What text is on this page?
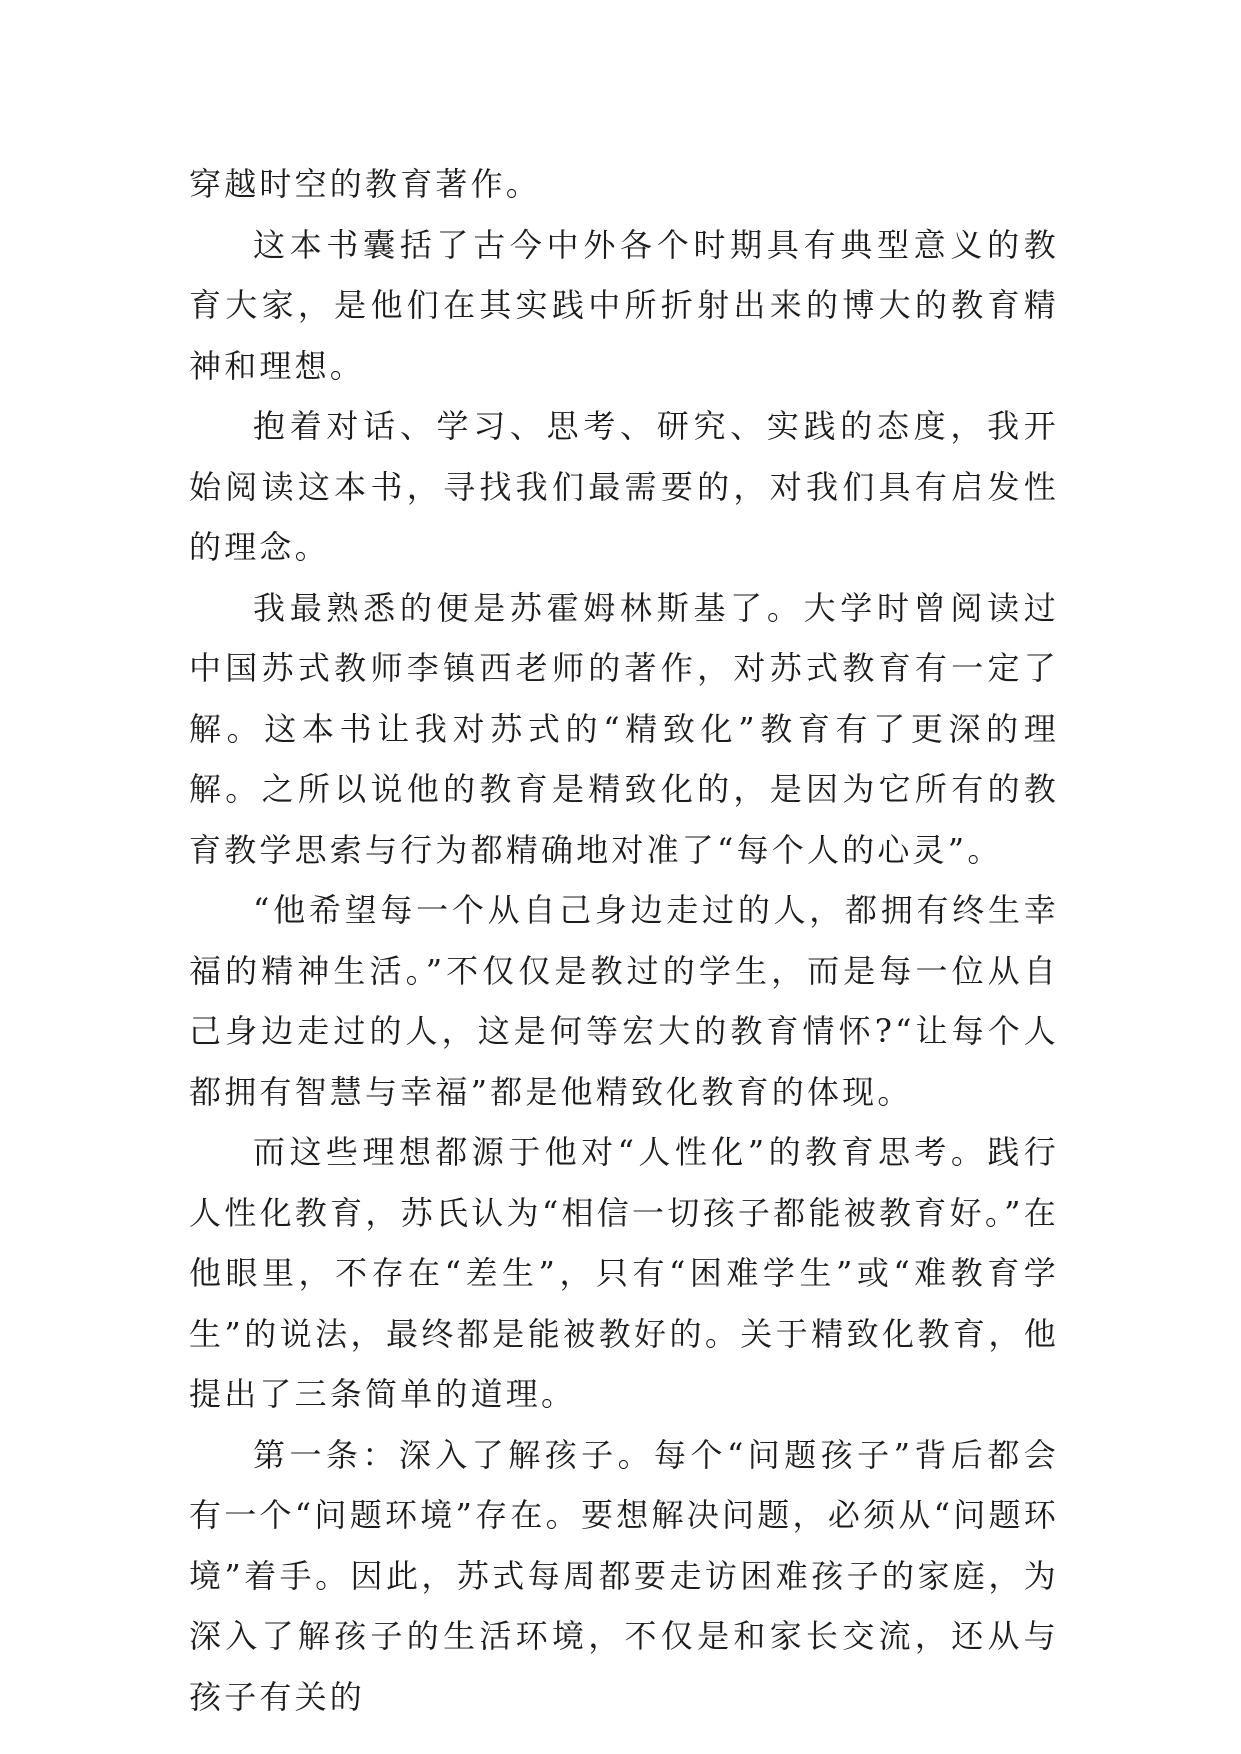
穿越时空的教育著作。

这本书囊括了古今中外各个时期具有典型意义的教育大家，是他们在其实践中所折射出来的博大的教育精神和理想。

抱着对话、学习、思考、研究、实践的态度，我开始阅读这本书，寻找我们最需要的，对我们具有启发性的理念。

我最熟悉的便是苏霍姆林斯基了。大学时曾阅读过中国苏式教师李镇西老师的著作，对苏式教育有一定了解。这本书让我对苏式的“精致化”教育有了更深的理解。之所以说他的教育是精致化的，是因为它所有的教育教学思索与行为都精确地对准了“每个人的心灵”。

“他希望每一个从自己身边走过的人，都拥有终生幸福的精神生活。”不仅仅是教过的学生，而是每一位从自己身边走过的人，这是何等宏大的教育情怀?“让每个人都拥有智慧与幸福”都是他精致化教育的体现。

而这些理想都源于他对“人性化”的教育思考。践行人性化教育，苏氏认为“相信一切孩子都能被教育好。”在他眼里，不存在“差生”，只有“困难学生”或“难教育学生”的说法，最终都是能被教好的。关于精致化教育，他提出了三条简单的道理。

第一条：深入了解孩子。每个“问题孩子”背后都会有一个“问题环境”存在。要想解决问题，必须从“问题环境”着手。因此，苏式每周都要走访困难孩子的家庭，为深入了解孩子的生活环境，不仅是和家长交流，还从与孩子有关的
